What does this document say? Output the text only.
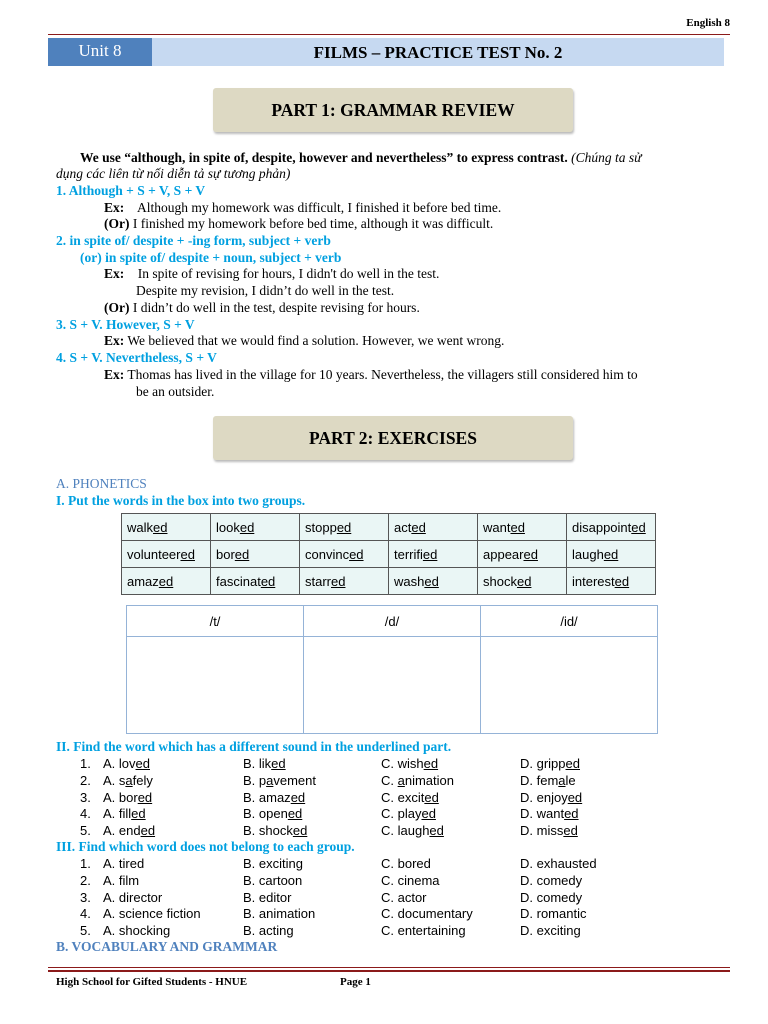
English 8
Unit 8	FILMS – PRACTICE TEST No. 2
PART 1: GRAMMAR REVIEW
We use “although, in spite of, despite, however and nevertheless” to express contrast. (Chúng ta sử
dụng các liên từ nối diễn tả sự tương phản)
1. Although + S + V, S + V
Ex: Although my homework was difficult, I finished it before bed time.
(Or) I finished my homework before bed time, although it was difficult.
2. in spite of/ despite + -ing form, subject + verb
(or) in spite of/ despite + noun, subject + verb
Ex: In spite of revising for hours, I didn't do well in the test.
Despite my revision, I didn’t do well in the test.
(Or) I didn’t do well in the test, despite revising for hours.
3. S + V. However, S + V
Ex: We believed that we would find a solution. However, we went wrong.
4. S + V. Nevertheless, S + V
Ex: Thomas has lived in the village for 10 years. Nevertheless, the villagers still considered him to
be an outsider.
PART 2: EXERCISES
A. PHONETICS
I. Put the words in the box into two groups.
walked	looked	stopped	acted	wanted	disappointed
volunteered	bored	convinced	terrified	appeared	laughed
amazed	fascinated	starred	washed	shocked	interested
/t/	/d/	/id/

II. Find the word which has a different sound in the underlined part.
1. A. loved	B. liked	C. wished	D. gripped
2. A. safely	B. pavement	C. animation	D. female
3. A. bored	B. amazed	C. excited	D. enjoyed
4. A. filled	B. opened	C. played	D. wanted
5. A. ended	B. shocked	C. laughed	D. missed
III. Find which word does not belong to each group.
1. A. tired	B. exciting	C. bored	D. exhausted
2. A. film	B. cartoon	C. cinema	D. comedy
3. A. director	B. editor	C. actor	D. comedy
4. A. science fiction	B. animation	C. documentary	D. romantic
5. A. shocking	B. acting	C. entertaining	D. exciting
B. VOCABULARY AND GRAMMAR
High School for Gifted Students - HNUE	Page 1
